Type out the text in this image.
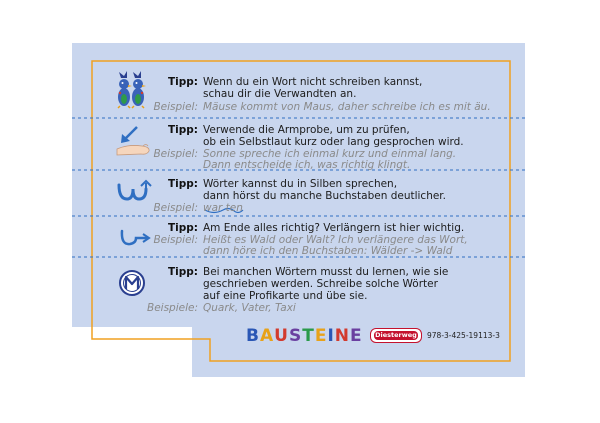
Tipp: Wenn du ein Wort nicht schreiben kannst,
schau dir die Verwandten an.
Beispiel: Mäuse kommt von Maus, daher schreibe ich es mit äu.
Tipp: Verwende die Armprobe, um zu prüfen,
ob ein Selbstlaut kurz oder lang gesprochen wird.
Beispiel: Sonne spreche ich einmal kurz und einmal lang.
Dann entscheide ich, was richtig klingt.
Tipp: Wörter kannst du in Silben sprechen,
dann hörst du manche Buchstaben deutlicher.
Beispiel: war ten
Tipp: Am Ende alles richtig? Verlängern ist hier wichtig.
Beispiel: Heißt es Wald oder Walt? Ich verlängere das Wort,
dann höre ich den Buchstaben: Wälder -> Wald
Tipp: Bei manchen Wörtern musst du lernen, wie sie
geschrieben werden. Schreibe solche Wörter
auf eine Profikarte und übe sie.
Beispiele: Quark, Vater, Taxi
BAUSTEINE Diesterweg 978-3-425-19113-3
